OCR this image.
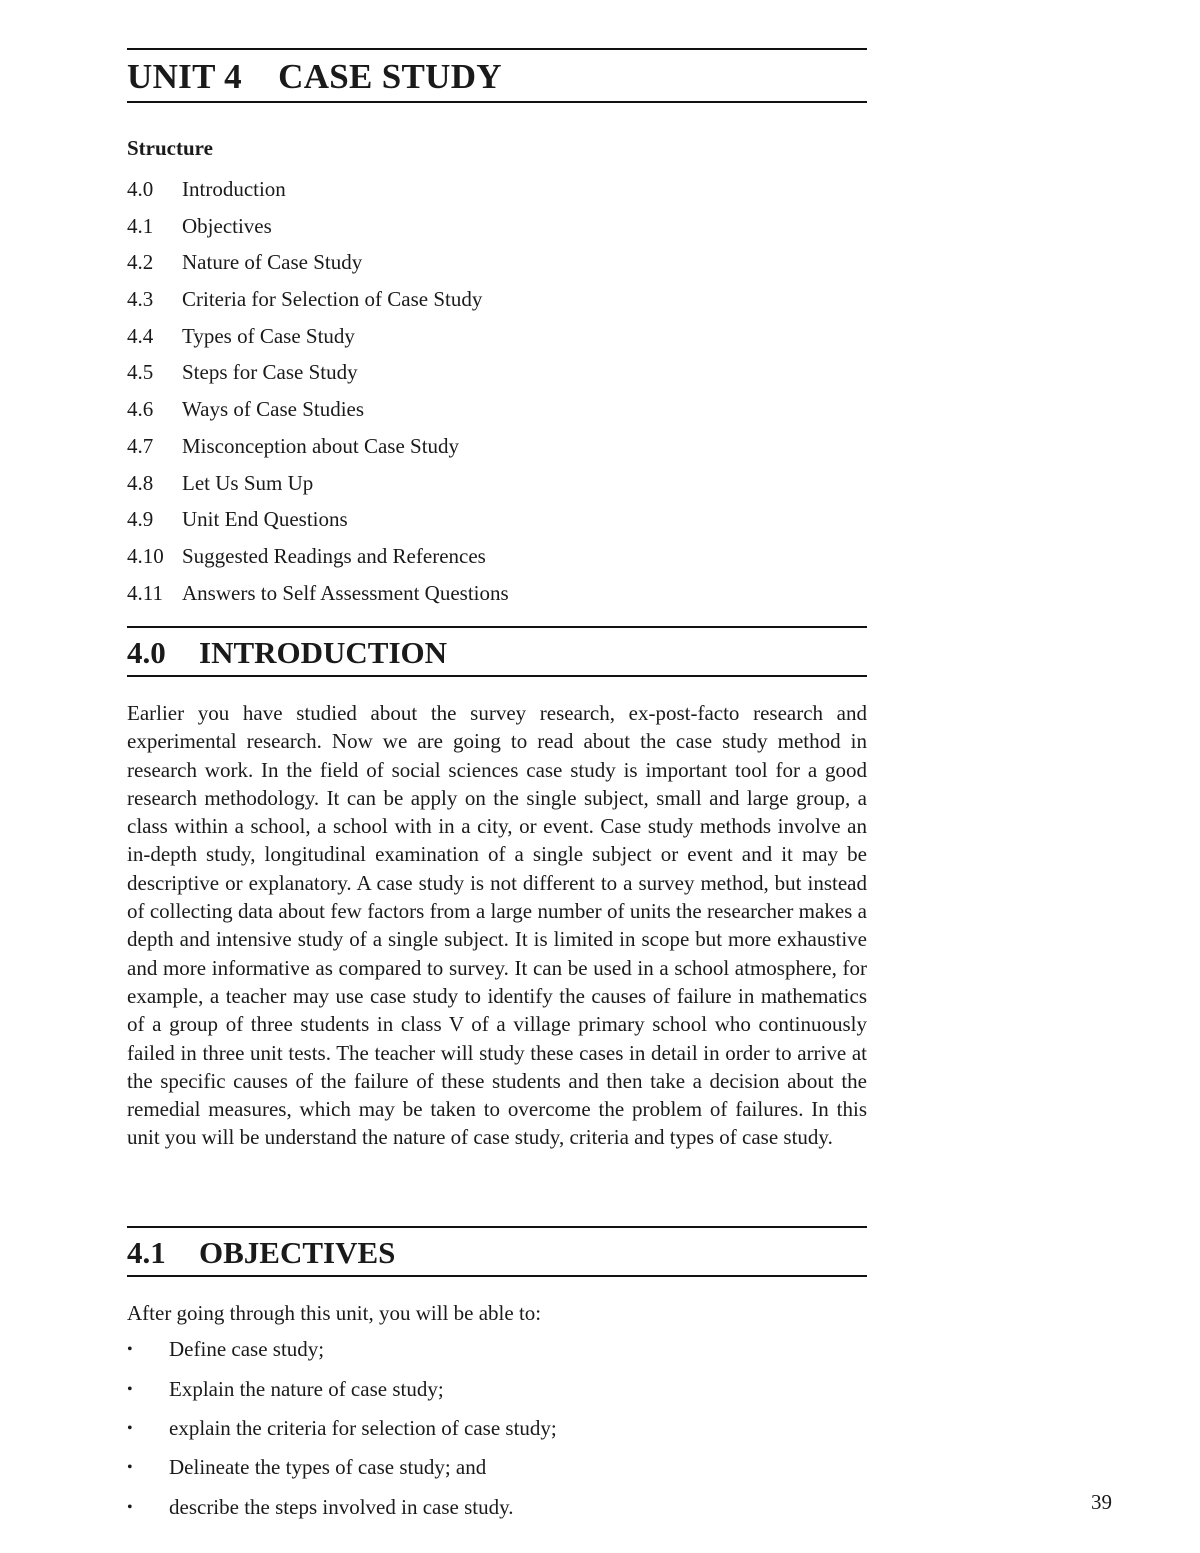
UNIT 4    CASE STUDY

Structure

4.0	Introduction
4.1	Objectives
4.2	Nature of Case Study
4.3	Criteria for Selection of Case Study
4.4	Types of Case Study
4.5	Steps for Case Study
4.6	Ways of Case Studies
4.7	Misconception about Case Study
4.8	Let Us Sum Up
4.9	Unit End Questions
4.10 Suggested Readings and References
4.11 Answers to Self Assessment Questions
4.0	INTRODUCTION

Earlier you have studied about the survey research, ex-post-facto research and experimental research. Now we are going to read about the case study method in research work. In the field of social sciences case study is important tool for a good research methodology. It can be apply on the single subject, small and large group, a class within a school, a school with in a city, or event. Case study methods involve an in-depth study, longitudinal examination of a single subject or event and it may be descriptive or explanatory. A case study is not different to a survey method, but instead of collecting data about few factors from a large number of units the researcher makes a depth and intensive study of a single subject. It is limited in scope but more exhaustive and more informative as compared to survey. It can be used in a school atmosphere, for example, a teacher may use case study to identify the causes of failure in mathematics of a group of three students in class V of a village primary school who continuously failed in three unit tests. The teacher will study these cases in detail in order to arrive at the specific causes of the failure of these students and then take a decision about the remedial measures, which may be taken to overcome the problem of failures. In this unit you will be understand the nature of case study, criteria and types of case study.

4.1	OBJECTIVES

After going through this unit, you will be able to:

•	Define case study;
•	Explain the nature of case study;
•	explain the criteria for selection of case study;
•	Delineate the types of case study; and
•	describe the steps involved in case study.	39
